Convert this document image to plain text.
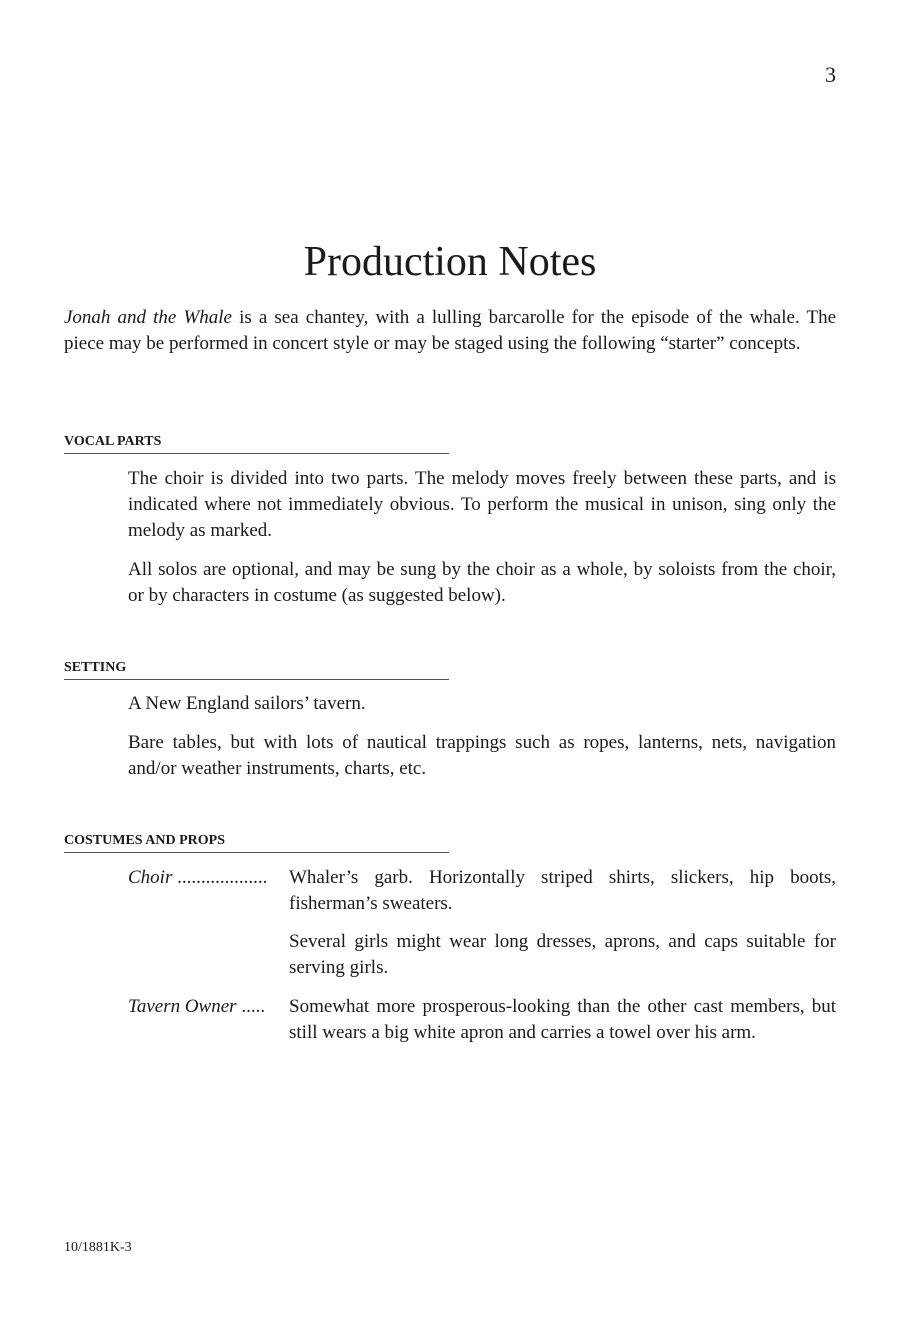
3
Production Notes

Jonah and the Whale is a sea chantey, with a lulling barcarolle for the episode of the whale. The piece may be performed in concert style or may be staged using the following “starter” concepts.

VOCAL PARTS

The choir is divided into two parts. The melody moves freely between these parts, and is indicated where not immediately obvious. To perform the musical in unison, sing only the melody as marked.

All solos are optional, and may be sung by the choir as a whole, by soloists from the choir, or by characters in costume (as suggested below).

SETTING

A New England sailors’ tavern.

Bare tables, but with lots of nautical trappings such as ropes, lanterns, nets, navigation and/or weather instruments, charts, etc.

COSTUMES AND PROPS

Choir ...................	Whaler’s garb. Horizontally striped shirts, slickers, hip boots, fisherman’s sweaters.

Several girls might wear long dresses, aprons, and caps suitable for serving girls.

Tavern Owner .....	Somewhat more prosperous-looking than the other cast members, but still wears a big white apron and carries a towel over his arm.

10/1881K-3
